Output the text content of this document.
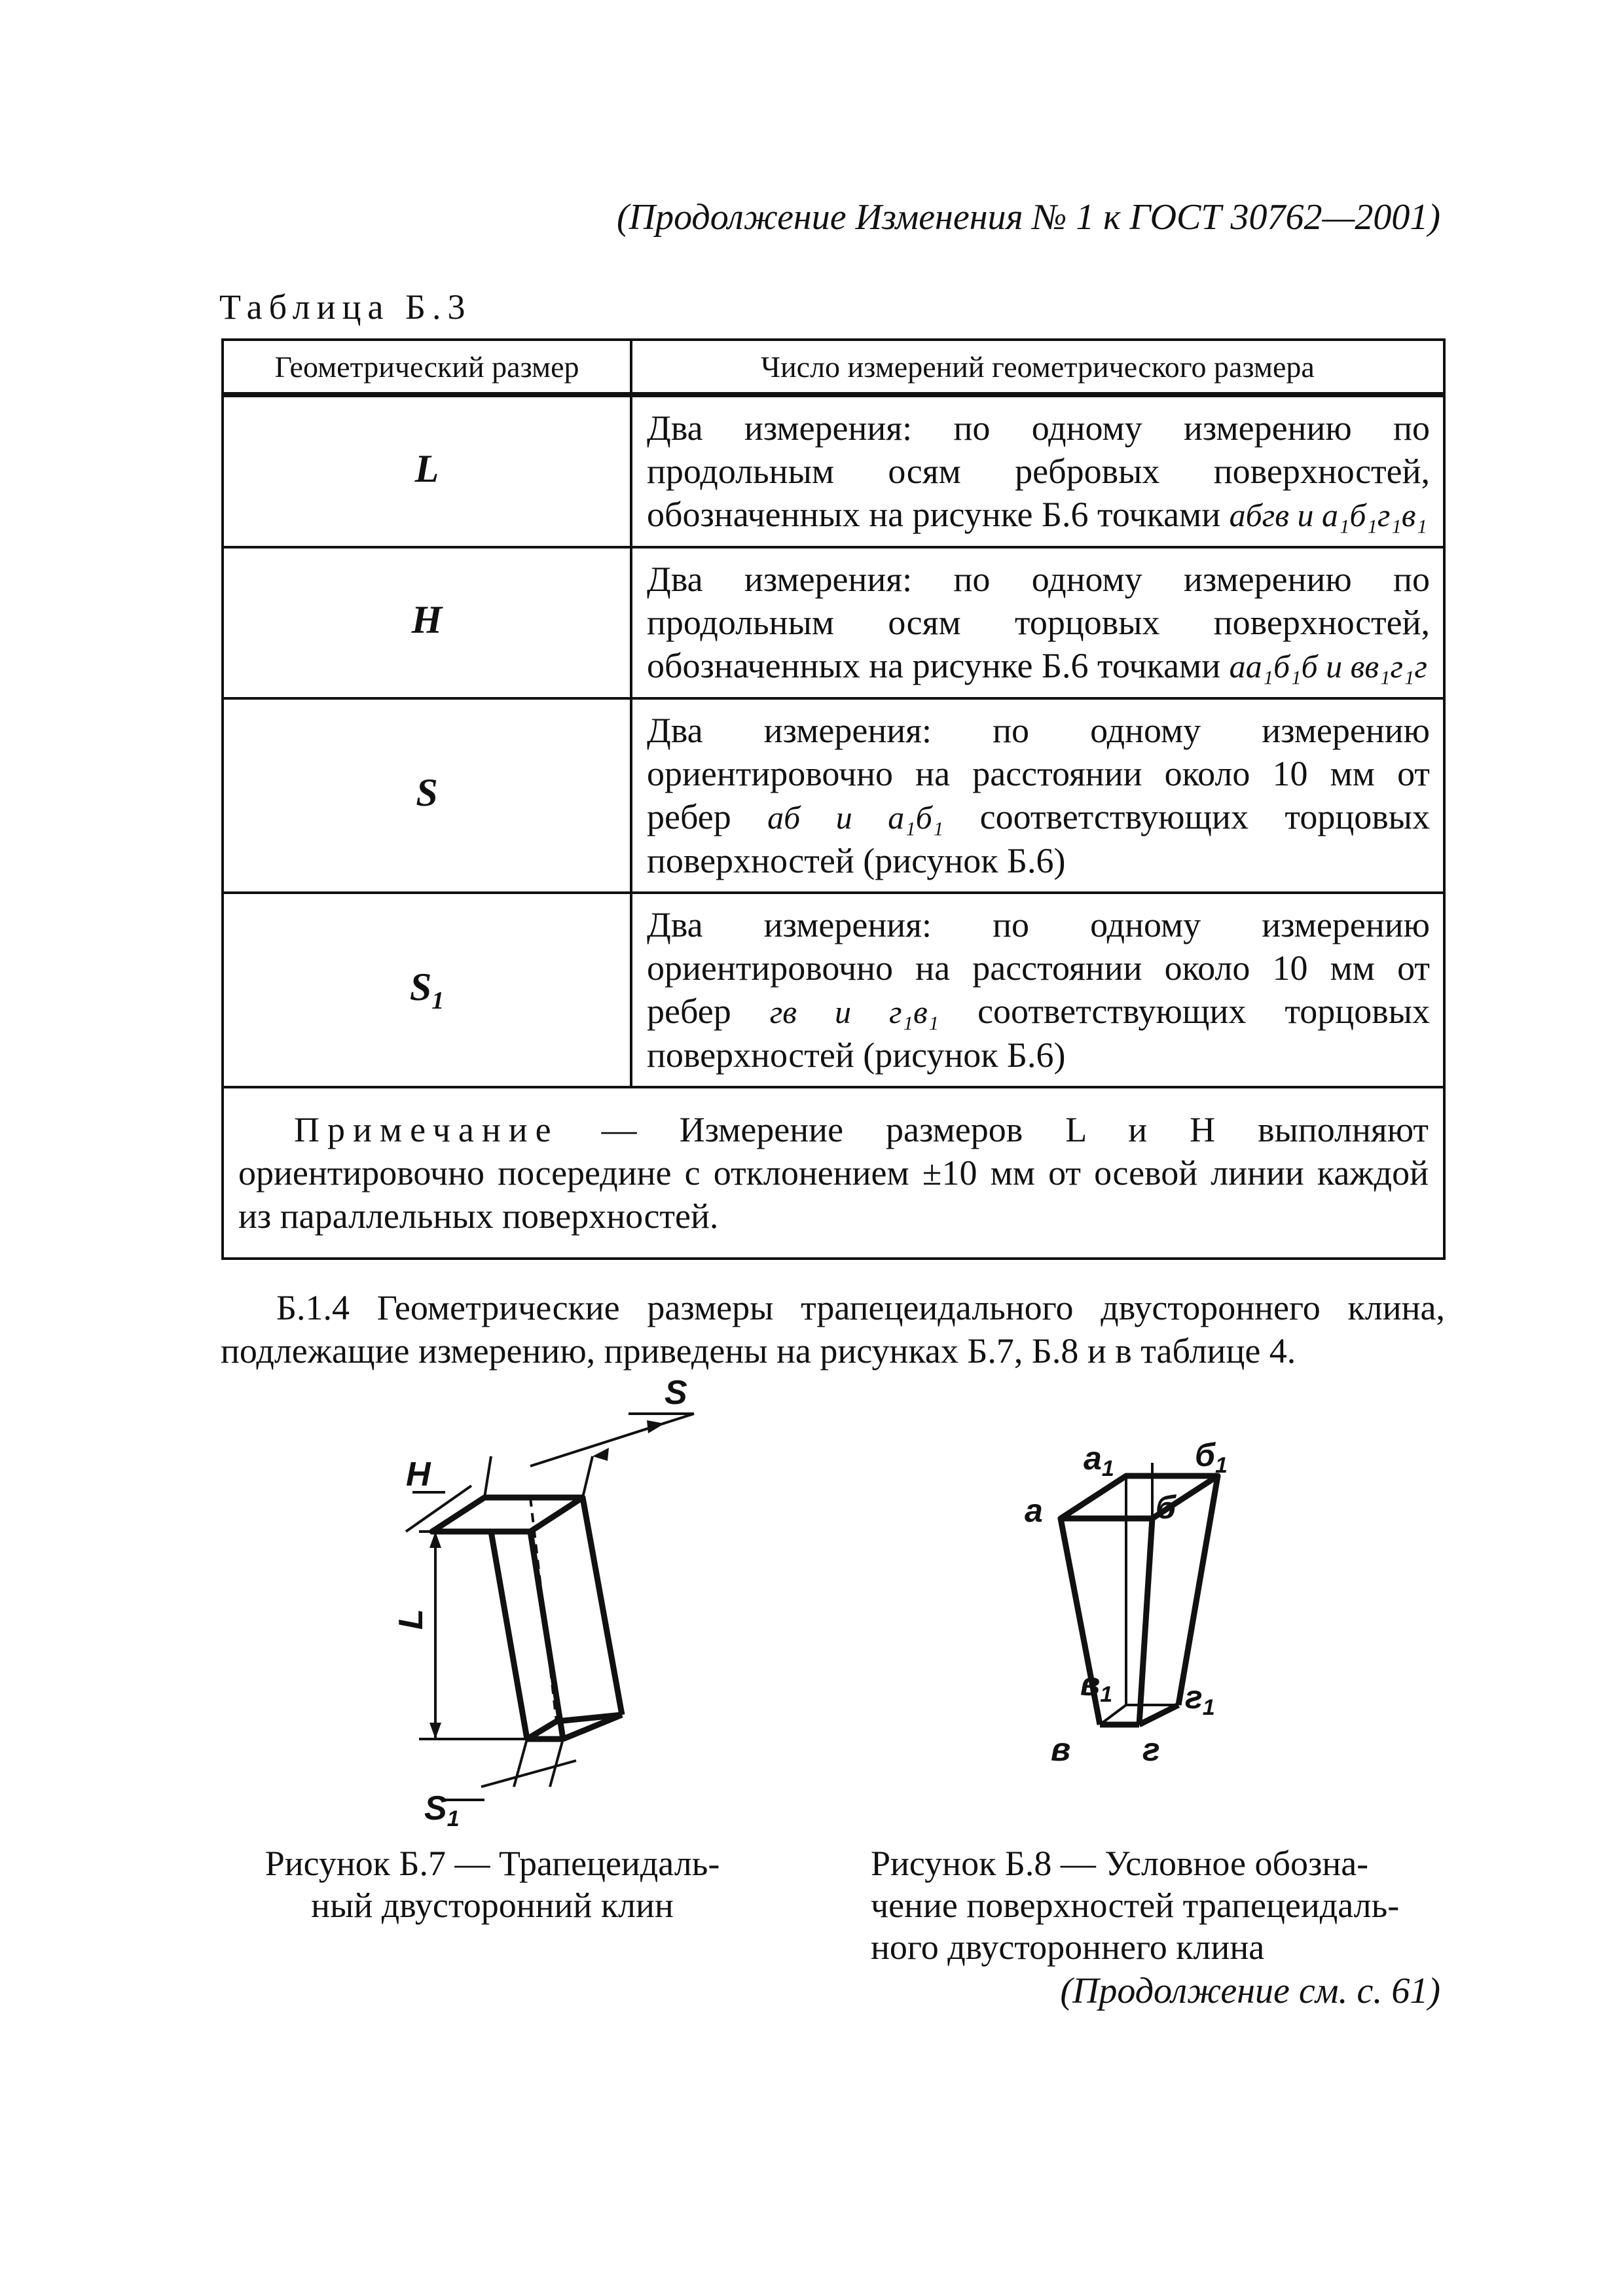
(Продолжение Изменения № 1 к ГОСТ 30762—2001)
Таблица Б.3
Геометрический размер	Число измерений геометрического размера
L	Два измерения: по одному измерению по продольным осям ребровых поверхностей, обозначенных на рисунке Б.6 точками абгв и а₁б₁г₁в₁
H	Два измерения: по одному измерению по продольным осям торцовых поверхностей, обозначенных на рисунке Б.6 точками аа₁б₁б и вв₁г₁г
S	Два измерения: по одному измерению ориентировочно на расстоянии около 10 мм от ребер аб и а₁б₁ соответствующих торцовых поверхностей (рисунок Б.6)
$S_1$	Два измерения: по одному измерению ориентировочно на расстоянии около 10 мм от ребер гв и г₁в₁ соответствующих торцовых поверхностей (рисунок Б.6)
Примечание — Измерение размеров L и H выполняют ориентировочно посередине с отклонением ±10 мм от осевой линии каждой из параллельных поверхностей.	
Б.1.4 Геометрические размеры трапецеидального двустороннего клина, подлежащие измерению, приведены на рисунках Б.7, Б.8 и в таблице 4.
H
S
L
S1
Рисунок Б.7 — Трапецеидаль-
ный двусторонний клин
а
$а_1$
б
$б_1$
$в_1$ $г_1$
в г
Рисунок Б.8 — Условное обозна-
чение поверхностей трапецеидаль-
ного двустороннего клина
(Продолжение см. с. 61)
